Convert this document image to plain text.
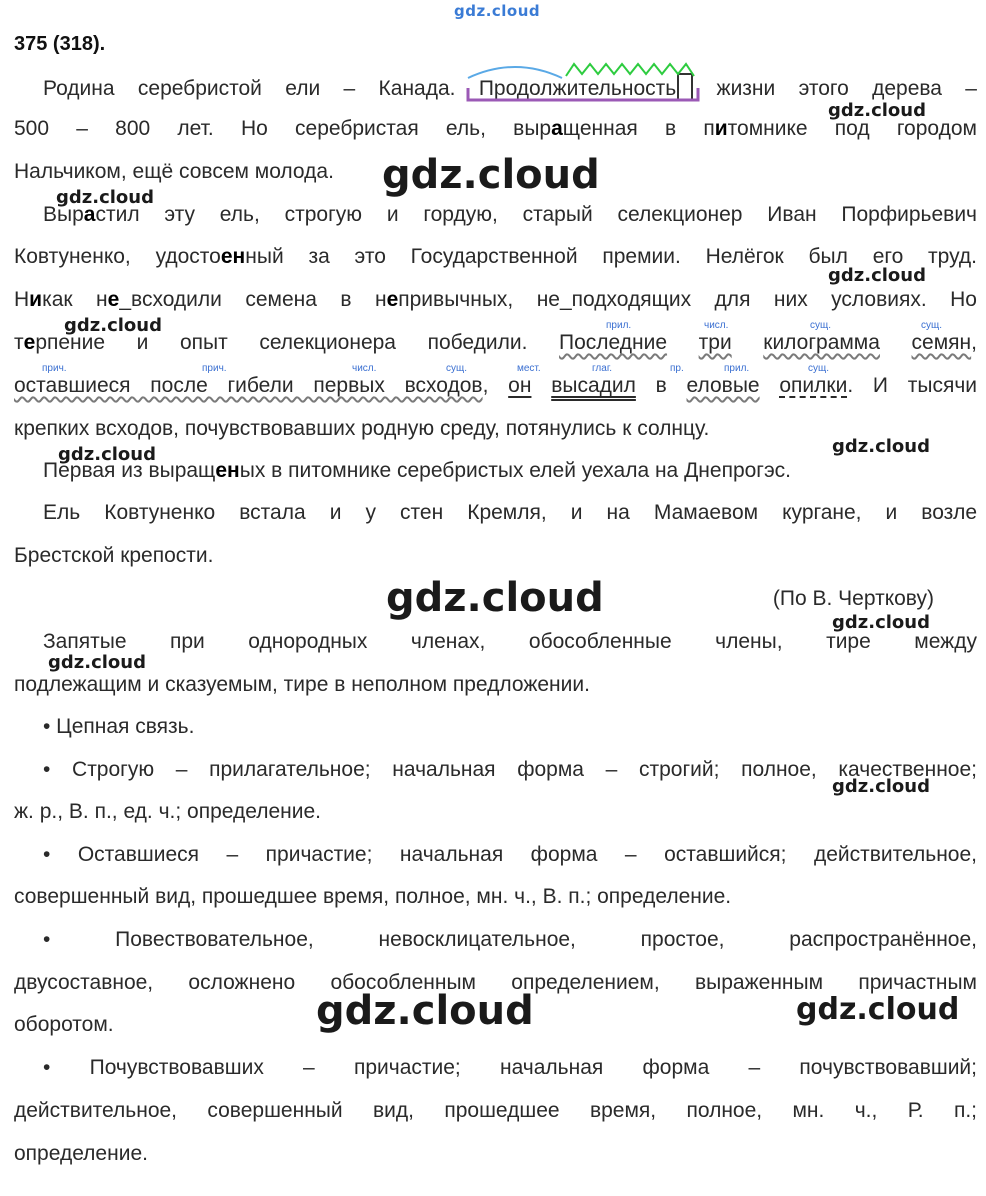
gdz.cloud
375 (318).
Родина серебристой ели – Канада. Продолжительность жизни этого дерева –
500 – 800 лет. Но серебристая ель, выращенная в питомнике под городом
Нальчиком, ещё совсем молода.
Вырастил эту ель, строгую и гордую, старый селекционер Иван Порфирьевич
Ковтуненко, удостоенный за это Государственной премии. Нелёгок был его труд.
Никак не_всходили семена в непривычных, не_подходящих для них условиях. Но
прил.	числ.	сущ.	сущ.
терпение и опыт селекционера победили. Последние три килограмма семян,
прич.	прич.	числ.	сущ.	мест.	глаг.	пр.	прил.	сущ.
оставшиеся после гибели первых всходов, он высадил в еловые опилки. И тысячи
крепких всходов, почувствовавших родную среду, потянулись к солнцу.
Первая из выращеных в питомнике серебристых елей уехала на Днепрогэс.
Ель Ковтуненко встала и у стен Кремля, и на Мамаевом кургане, и возле
Брестской крепости.
(По В. Черткову)
Запятые при однородных членах, обособленные члены, тире между
подлежащим и сказуемым, тире в неполном предложении.
• Цепная связь.
• Строгую – прилагательное; начальная форма – строгий; полное, качественное;
ж. р., В. п., ед. ч.; определение.
• Оставшиеся – причастие; начальная форма – оставшийся; действительное,
совершенный вид, прошедшее время, полное, мн. ч., В. п.; определение.
• Повествовательное, невосклицательное, простое, распространённое,
двусоставное, осложнено обособленным определением, выраженным причастным
оборотом.
• Почувствовавших – причастие; начальная форма – почувствовавший;
действительное, совершенный вид, прошедшее время, полное, мн. ч., Р. п.;
определение.
gdz.cloud
gdz.cloud
gdz.cloud
gdz.cloud
gdz.cloud
gdz.cloud
gdz.cloud
gdz.cloud
gdz.cloud
gdz.cloud
gdz.cloud
gdz.cloud	gdz.cloud
